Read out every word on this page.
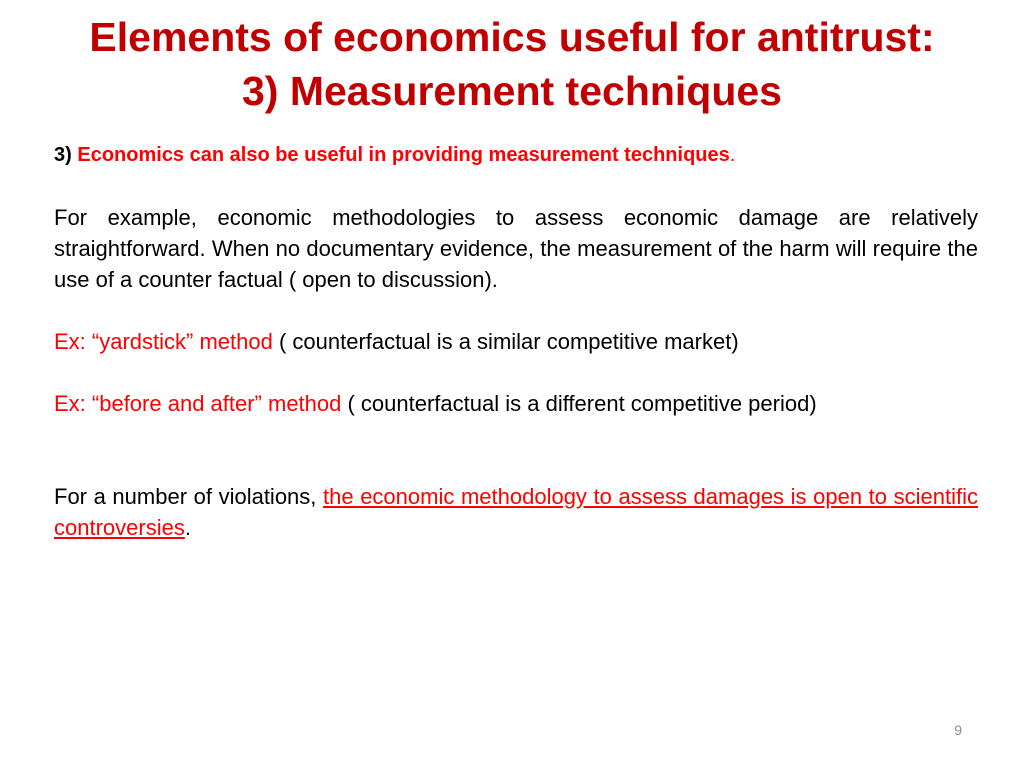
Elements of economics useful for antitrust:
3) Measurement techniques

3) Economics can also be useful in providing measurement techniques.

For example, economic methodologies to assess economic damage are relatively straightforward. When no documentary evidence, the measurement of the harm will require the use of a counter factual ( open to discussion).

Ex: “yardstick” method ( counterfactual is a similar competitive market)

Ex: “before and after” method ( counterfactual is a different competitive period)

For a number of violations, the economic methodology to assess damages is open to scientific controversies.

9
